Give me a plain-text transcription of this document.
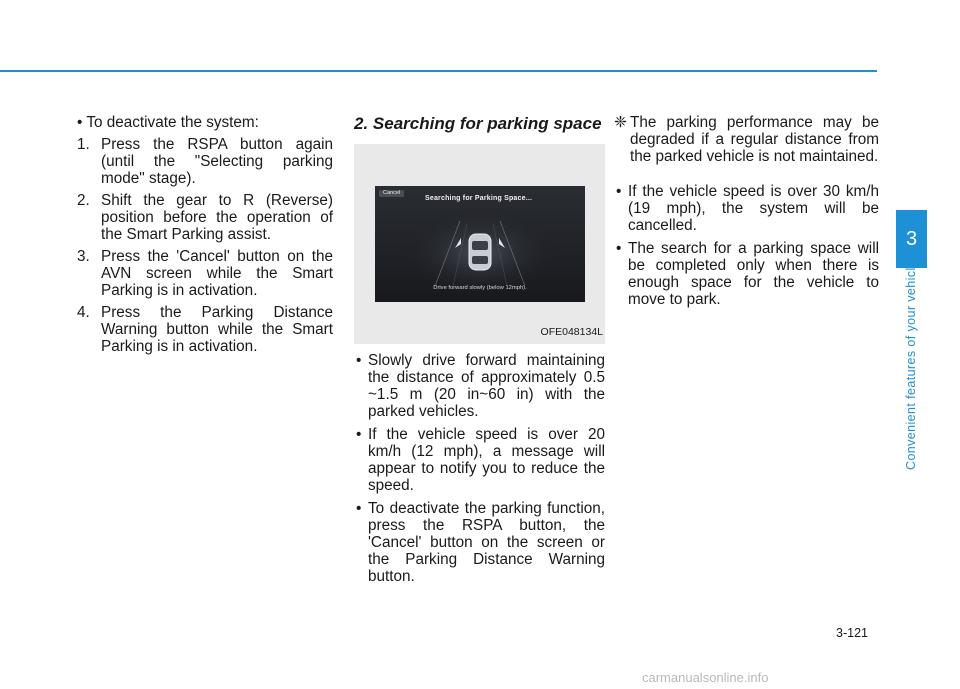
• To deactivate the system:
1. Press the RSPA button again (until the "Selecting parking mode" stage).
2. Shift the gear to R (Reverse) position before the operation of the Smart Parking assist.
3. Press the 'Cancel' button on the AVN screen while the Smart Parking is in activation.
4. Press the Parking Distance Warning button while the Smart Parking is in activation.
2. Searching for parking space
Cancel
Searching for Parking Space...
Drive forward slowly (below 12mph).
OFE048134L
• Slowly drive forward maintaining the distance of approximately 0.5 ~1.5 m (20 in~60 in) with the parked vehicles.
• If the vehicle speed is over 20 km/h (12 mph), a message will appear to notify you to reduce the speed.
• To deactivate the parking function, press the RSPA button, the 'Cancel' button on the screen or the Parking Distance Warning button.
❈ The parking performance may be degraded if a regular distance from the parked vehicle is not maintained.
• If the vehicle speed is over 30 km/h (19 mph), the system will be cancelled.
• The search for a parking space will be completed only when there is enough space for the vehicle to move to park.
3
Convenient features of your vehicle
3-121
carmanualsonline.info
